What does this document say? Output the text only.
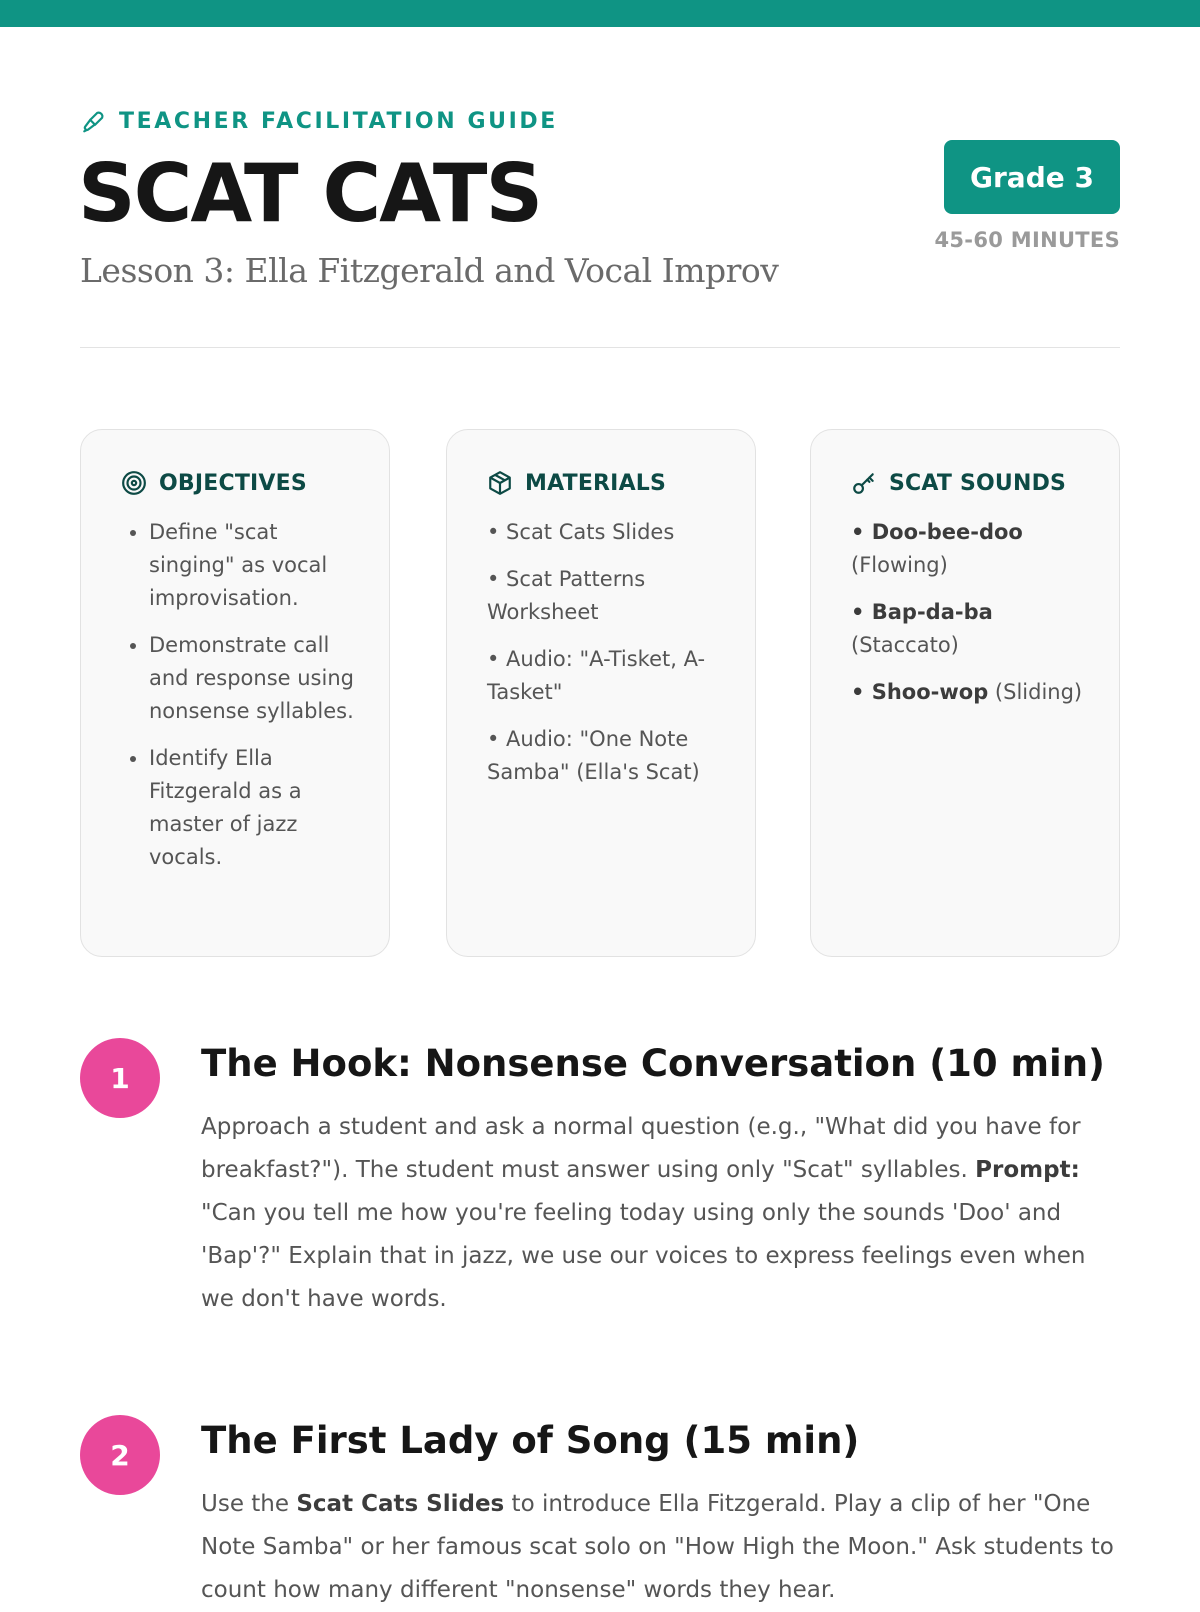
TEACHER FACILITATION GUIDE
SCAT CATS

Lesson 3: Ella Fitzgerald and Vocal Improv

Grade 3
45-60 MINUTES
OBJECTIVES
• Define "scat singing" as vocal improvisation.
• Demonstrate call and response using nonsense syllables.
• Identify Ella Fitzgerald as a master of jazz vocals.
MATERIALS
• Scat Cats Slides
• Scat Patterns Worksheet
• Audio: "A-Tisket, A-Tasket"
• Audio: "One Note Samba" (Ella's Scat)
SCAT SOUNDS
• Doo-bee-doo (Flowing)
• Bap-da-ba (Staccato)
• Shoo-wop (Sliding)
1	The Hook: Nonsense Conversation (10 min)

Approach a student and ask a normal question (e.g., "What did you have for breakfast?"). The student must answer using only "Scat" syllables. Prompt: "Can you tell me how you're feeling today using only the sounds 'Doo' and 'Bap'?" Explain that in jazz, we use our voices to express feelings even when we don't have words.

2	The First Lady of Song (15 min)

Use the Scat Cats Slides to introduce Ella Fitzgerald. Play a clip of her "One Note Samba" or her famous scat solo on "How High the Moon." Ask students to count how many different "nonsense" words they hear.
